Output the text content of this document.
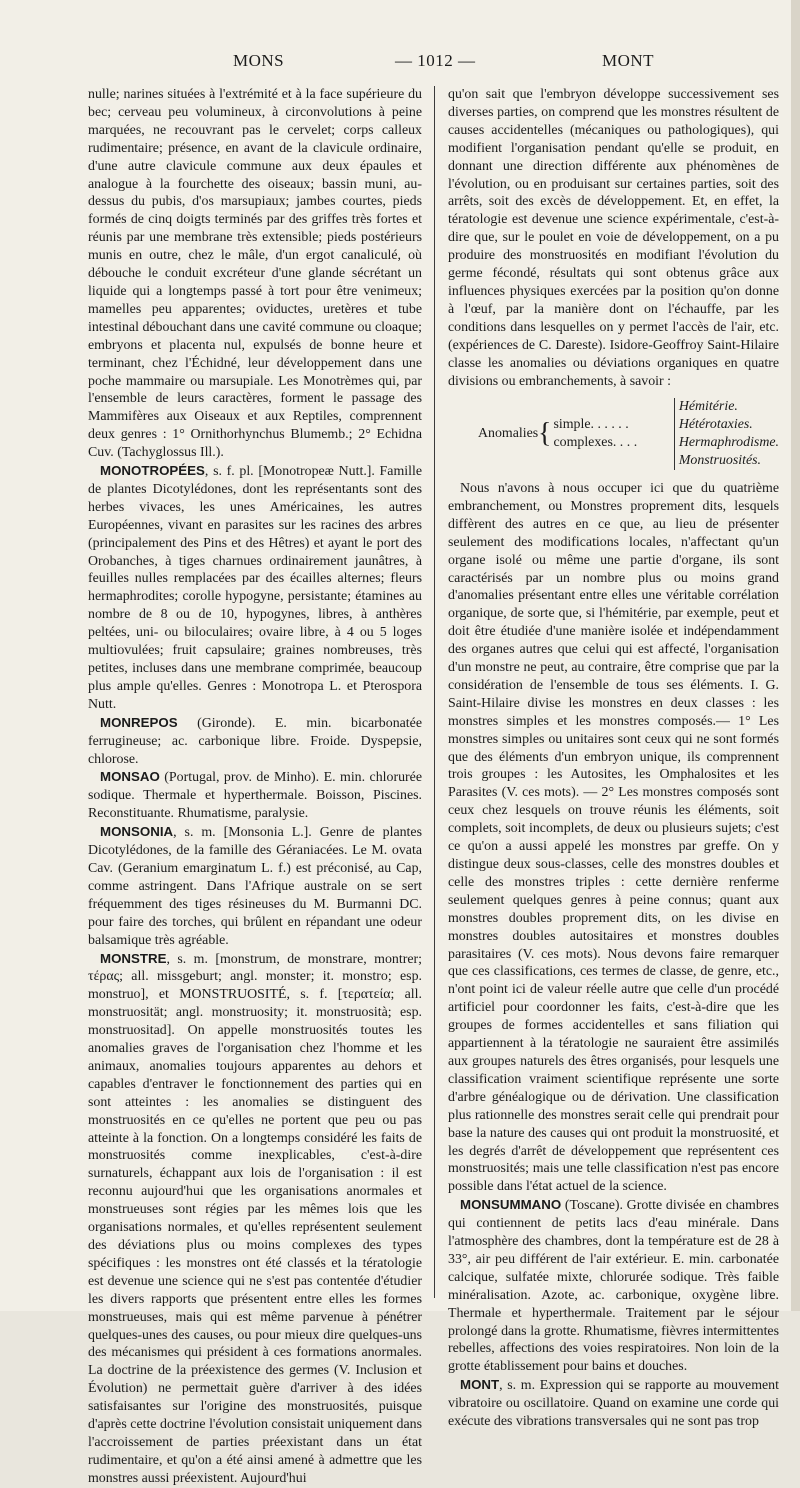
MONS	— 1012 —	MONT

nulle; narines situées à l'extrémité et à la face supérieure du bec; cerveau peu volumineux, à circonvolutions à peine marquées, ne recouvrant pas le cervelet; corps calleux rudimentaire; présence, en avant de la clavicule ordinaire, d'une autre clavicule commune aux deux épaules et analogue à la fourchette des oiseaux; bassin muni, au-dessus du pubis, d'os marsupiaux; jambes courtes, pieds formés de cinq doigts terminés par des griffes très fortes et réunis par une membrane très extensible; pieds postérieurs munis en outre, chez le mâle, d'un ergot canaliculé, où débouche le conduit excréteur d'une glande sécrétant un liquide qui a longtemps passé à tort pour être venimeux; mamelles peu apparentes; oviductes, uretères et tube intestinal débouchant dans une cavité commune ou cloaque; embryons et placenta nul, expulsés de bonne heure et terminant, chez l'Échidné, leur développement dans une poche mammaire ou marsupiale. Les Monotrèmes qui, par l'ensemble de leurs caractères, forment le passage des Mammifères aux Oiseaux et aux Reptiles, comprennent deux genres : 1° Ornithorhynchus Blumemb.; 2° Echidna Cuv. (Tachyglossus Ill.).

MONOTROPÉES, s. f. pl. [Monotropeæ Nutt.]. Famille de plantes Dicotylédones, dont les représentants sont des herbes vivaces, les unes Américaines, les autres Européennes, vivant en parasites sur les racines des arbres (principalement des Pins et des Hêtres) et ayant le port des Orobanches, à tiges charnues ordinairement jaunâtres, à feuilles nulles remplacées par des écailles alternes; fleurs hermaphrodites; corolle hypogyne, persistante; étamines au nombre de 8 ou de 10, hypogynes, libres, à anthères peltées, uni- ou biloculaires; ovaire libre, à 4 ou 5 loges multiovulées; fruit capsulaire; graines nombreuses, très petites, incluses dans une membrane comprimée, beaucoup plus ample qu'elles. Genres : Monotropa L. et Pterospora Nutt.

MONREPOS (Gironde). E. min. bicarbonatée ferrugineuse; ac. carbonique libre. Froide. Dyspepsie, chlorose.

MONSAO (Portugal, prov. de Minho). E. min. chlorurée sodique. Thermale et hyperthermale. Boisson, Piscines. Reconstituante. Rhumatisme, paralysie.

MONSONIA, s. m. [Monsonia L.]. Genre de plantes Dicotylédones, de la famille des Géraniacées. Le M. ovata Cav. (Geranium emarginatum L. f.) est préconisé, au Cap, comme astringent. Dans l'Afrique australe on se sert fréquemment des tiges résineuses du M. Burmanni DC. pour faire des torches, qui brûlent en répandant une odeur balsamique très agréable.

MONSTRE, s. m. [monstrum, de monstrare, montrer; τέρας; all. missgeburt; angl. monster; it. monstro; esp. monstruo], et MONSTRUOSITÉ, s. f. [τερατεία; all. monstruosität; angl. monstruosity; it. monstruosità; esp. monstruositad]. On appelle monstruosités toutes les anomalies graves de l'organisation chez l'homme et les animaux, anomalies toujours apparentes au dehors et capables d'entraver le fonctionnement des parties qui en sont atteintes : les anomalies se distinguent des monstruosités en ce qu'elles ne portent que peu ou pas atteinte à la fonction. On a longtemps considéré les faits de monstruosités comme inexplicables, c'est-à-dire surnaturels, échappant aux lois de l'organisation : il est reconnu aujourd'hui que les organisations anormales et monstrueuses sont régies par les mêmes lois que les organisations normales, et qu'elles représentent seulement des déviations plus ou moins complexes des types spécifiques : les monstres ont été classés et la tératologie est devenue une science qui ne s'est pas contentée d'étudier les divers rapports que présentent entre elles les formes monstrueuses, mais qui est même parvenue à pénétrer quelques-unes des causes, ou pour mieux dire quelques-uns des mécanismes qui président à ces formations anormales. La doctrine de la préexistence des germes (V. Inclusion et Évolution) ne permettait guère d'arriver à des idées satisfaisantes sur l'origine des monstruosités, puisque d'après cette doctrine l'évolution consistait uniquement dans l'accroissement de parties préexistant dans un état rudimentaire, et qu'on a été ainsi amené à admettre que les monstres aussi préexistent. Aujourd'hui

qu'on sait que l'embryon développe successivement ses diverses parties, on comprend que les monstres résultent de causes accidentelles (mécaniques ou pathologiques), qui modifient l'organisation pendant qu'elle se produit, en donnant une direction différente aux phénomènes de l'évolution, ou en produisant sur certaines parties, soit des arrêts, soit des excès de développement. Et, en effet, la tératologie est devenue une science expérimentale, c'est-à-dire que, sur le poulet en voie de développement, on a pu produire des monstruosités en modifiant l'évolution du germe fécondé, résultats qui sont obtenus grâce aux influences physiques exercées par la position qu'on donne à l'œuf, par la manière dont on l'échauffe, par les conditions dans lesquelles on y permet l'accès de l'air, etc. (expériences de C. Dareste). Isidore-Geoffroy Saint-Hilaire classe les anomalies ou déviations organiques en quatre divisions ou embranchements, à savoir :

Anomalies { simple. . . . . .
complexes. . . .
Hémitérie.
Hétérotaxies.
Hermaphrodisme.
Monstruosités.

Nous n'avons à nous occuper ici que du quatrième embranchement, ou Monstres proprement dits, lesquels diffèrent des autres en ce que, au lieu de présenter seulement des modifications locales, n'affectant qu'un organe isolé ou même une partie d'organe, ils sont caractérisés par un nombre plus ou moins grand d'anomalies présentant entre elles une véritable corrélation organique, de sorte que, si l'hémitérie, par exemple, peut et doit être étudiée d'une manière isolée et indépendamment des organes autres que celui qui est affecté, l'organisation d'un monstre ne peut, au contraire, être comprise que par la considération de l'ensemble de tous ses éléments. I. G. Saint-Hilaire divise les monstres en deux classes : les monstres simples et les monstres composés.— 1° Les monstres simples ou unitaires sont ceux qui ne sont formés que des éléments d'un embryon unique, ils comprennent trois groupes : les Autosites, les Omphalosites et les Parasites (V. ces mots). — 2° Les monstres composés sont ceux chez lesquels on trouve réunis les éléments, soit complets, soit incomplets, de deux ou plusieurs sujets; c'est ce qu'on a aussi appelé les monstres par greffe. On y distingue deux sous-classes, celle des monstres doubles et celle des monstres triples : cette dernière renferme seulement quelques genres à peine connus; quant aux monstres doubles proprement dits, on les divise en monstres doubles autositaires et monstres doubles parasitaires (V. ces mots). Nous devons faire remarquer que ces classifications, ces termes de classe, de genre, etc., n'ont point ici de valeur réelle autre que celle d'un procédé artificiel pour coordonner les faits, c'est-à-dire que les groupes de formes accidentelles et sans filiation qui appartiennent à la tératologie ne sauraient être assimilés aux groupes naturels des êtres organisés, pour lesquels une classification vraiment scientifique représente une sorte d'arbre généalogique ou de dérivation. Une classification plus rationnelle des monstres serait celle qui prendrait pour base la nature des causes qui ont produit la monstruosité, et les degrés d'arrêt de développement que représentent ces monstruosités; mais une telle classification n'est pas encore possible dans l'état actuel de la science.

MONSUMMANO (Toscane). Grotte divisée en chambres qui contiennent de petits lacs d'eau minérale. Dans l'atmosphère des chambres, dont la température est de 28 à 33°, air peu différent de l'air extérieur. E. min. carbonatée calcique, sulfatée mixte, chlorurée sodique. Très faible minéralisation. Azote, ac. carbonique, oxygène libre. Thermale et hyperthermale. Traitement par le séjour prolongé dans la grotte. Rhumatisme, fièvres intermittentes rebelles, affections des voies respiratoires. Non loin de la grotte établissement pour bains et douches.

MONT, s. m. Expression qui se rapporte au mouvement vibratoire ou oscillatoire. Quand on examine une corde qui exécute des vibrations transversales qui ne sont pas trop
